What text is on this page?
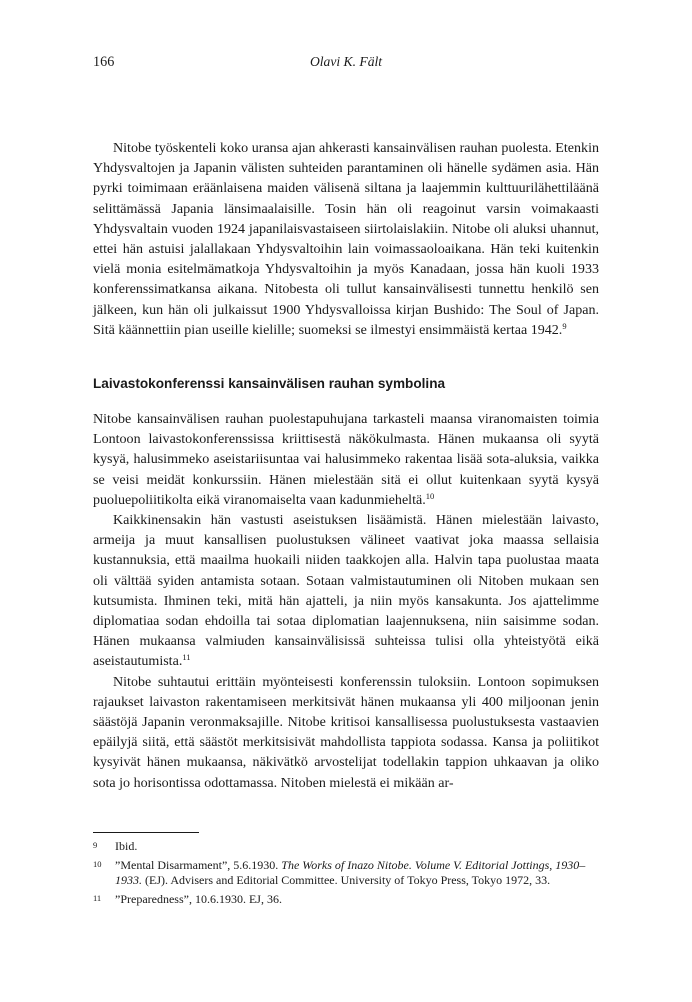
166	Olavi K. Fält

Nitobe työskenteli koko uransa ajan ahkerasti kansainvälisen rauhan puolesta. Etenkin Yhdysvaltojen ja Japanin välisten suhteiden parantaminen oli hänelle sydämen asia. Hän pyrki toimimaan eräänlaisena maiden välisenä siltana ja laajemmin kulttuurilähettiläänä selittämässä Japania länsimaalaisille. Tosin hän oli reagoinut varsin voimakaasti Yhdysvaltain vuoden 1924 japanilaisvastaiseen siirtolaislakiin. Nitobe oli aluksi uhannut, ettei hän astuisi jalallakaan Yhdysvaltoihin lain voimassaoloaikana. Hän teki kuitenkin vielä monia esitelmämatkoja Yhdysvaltoihin ja myös Kanadaan, jossa hän kuoli 1933 konferenssimatkansa aikana. Nitobesta oli tullut kansainvälisesti tunnettu henkilö sen jälkeen, kun hän oli julkaissut 1900 Yhdysvalloissa kirjan Bushido: The Soul of Japan. Sitä käännettiin pian useille kielille; suomeksi se ilmestyi ensimmäistä kertaa 1942.$^9$

Laivastokonferenssi kansainvälisen rauhan symbolina

Nitobe kansainvälisen rauhan puolestapuhujana tarkasteli maansa viranomaisten toimia Lontoon laivastokonferenssissa kriittisestä näkökulmasta. Hänen mukaansa oli syytä kysyä, halusimmeko aseistariisuntaa vai halusimmeko rakentaa lisää sota-aluksia, vaikka se veisi meidät konkurssiin. Hänen mielestään sitä ei ollut kuitenkaan syytä kysyä puoluepoliitikolta eikä viranomaiselta vaan kadunmieheltä.$^{10}$

Kaikkinensakin hän vastusti aseistuksen lisäämistä. Hänen mielestään laivasto, armeija ja muut kansallisen puolustuksen välineet vaativat joka maassa sellaisia kustannuksia, että maailma huokaili niiden taakkojen alla. Halvin tapa puolustaa maata oli välttää syiden antamista sotaan. Sotaan valmistautuminen oli Nitoben mukaan sen kutsumista. Ihminen teki, mitä hän ajatteli, ja niin myös kansakunta. Jos ajattelimme diplomatiaa sodan ehdoilla tai sotaa diplomatian laajennuksena, niin saisimme sodan. Hänen mukaansa valmiuden kansainvälisissä suhteissa tulisi olla yhteistyötä eikä aseistautumista.$^{11}$

Nitobe suhtautui erittäin myönteisesti konferenssin tuloksiin. Lontoon sopimuksen rajaukset laivaston rakentamiseen merkitsivät hänen mukaansa yli 400 miljoonan jenin säästöjä Japanin veronmaksajille. Nitobe kritisoi kansallisessa puolustuksesta vastaavien epäilyjä siitä, että säästöt merkitsisivät mahdollista tappiota sodassa. Kansa ja poliitikot kysyivät hänen mukaansa, näkivätkö arvostelijat todellakin tappion uhkaavan ja oliko sota jo horisontissa odottamassa. Nitoben mielestä ei mikään ar-

9 Ibid.
10 ”Mental Disarmament”, 5.6.1930. The Works of Inazo Nitobe. Volume V. Editorial Jottings, 1930–1933. (EJ). Advisers and Editorial Committee. University of Tokyo Press, Tokyo 1972, 33.
11 ”Preparedness”, 10.6.1930. EJ, 36.
